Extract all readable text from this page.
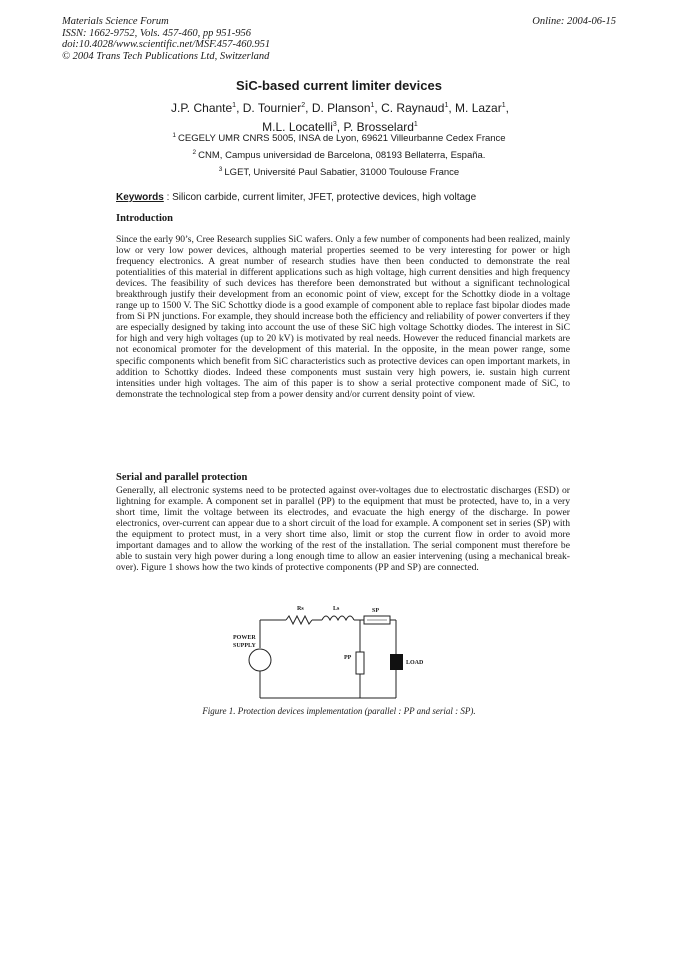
Materials Science Forum
ISSN: 1662-9752, Vols. 457-460, pp 951-956
doi:10.4028/www.scientific.net/MSF.457-460.951
© 2004 Trans Tech Publications Ltd, Switzerland
Online: 2004-06-15
SiC-based current limiter devices
J.P. Chante$^1$, D. Tournier$^2$, D. Planson$^1$, C. Raynaud$^1$, M. Lazar$^1$,
M.L. Locatelli$^3$, P. Brosselard$^1$
$^1$ CEGELY UMR CNRS 5005, INSA de Lyon, 69621 Villeurbanne Cedex France
$^2$ CNM, Campus universidad de Barcelona, 08193 Bellaterra, España.
$^3$ LGET, Université Paul Sabatier, 31000 Toulouse France
Keywords : Silicon carbide, current limiter, JFET, protective devices, high voltage
Introduction
Since the early 90’s, Cree Research supplies SiC wafers. Only a few number of components had been realized, mainly low or very low power devices, although material properties seemed to be very interesting for power or high frequency electronics. A great number of research studies have then been conducted to demonstrate the real potentialities of this material in different applications such as high voltage, high current densities and high frequency devices. The feasibility of such devices has therefore been demonstrated but without a significant technological breakthrough justify their development from an economic point of view, except for the Schottky diode in a voltage range up to 1500 V. The SiC Schottky diode is a good example of component able to replace fast bipolar diodes made from Si PN junctions. For example, they should increase both the efficiency and reliability of power converters if they are especially designed by taking into account the use of these SiC high voltage Schottky diodes. The interest in SiC for high and very high voltages (up to 20 kV) is motivated by real needs. However the reduced financial markets are not economical promoter for the development of this material. In the opposite, in the mean power range, some specific components which benefit from SiC characteristics such as protective devices can open important markets, in addition to Schottky diodes. Indeed these components must sustain very high powers, ie. sustain high current intensities under high voltages. The aim of this paper is to show a serial protective component made of SiC, to demonstrate the technological step from a power density and/or current density point of view.
Serial and parallel protection
Generally, all electronic systems need to be protected against over-voltages due to electrostatic discharges (ESD) or lightning for example. A component set in parallel (PP) to the equipment that must be protected, have to, in a very short time, limit the voltage between its electrodes, and evacuate the high energy of the discharge. In power electronics, over-current can appear due to a short circuit of the load for example. A component set in series (SP) with the equipment to protect must, in a very short time also, limit or stop the current flow in order to avoid more important damages and to allow the working of the rest of the installation. The serial component must therefore be able to sustain very high power during a long enough time to allow an easier intervening (using a mechanical break-over). Figure 1 shows how the two kinds of protective components (PP and SP) are connected.
Rs	Ls	SP
POWER
SUPPLY
PP
LOAD
Figure 1. Protection devices implementation (parallel : PP and serial : SP).
